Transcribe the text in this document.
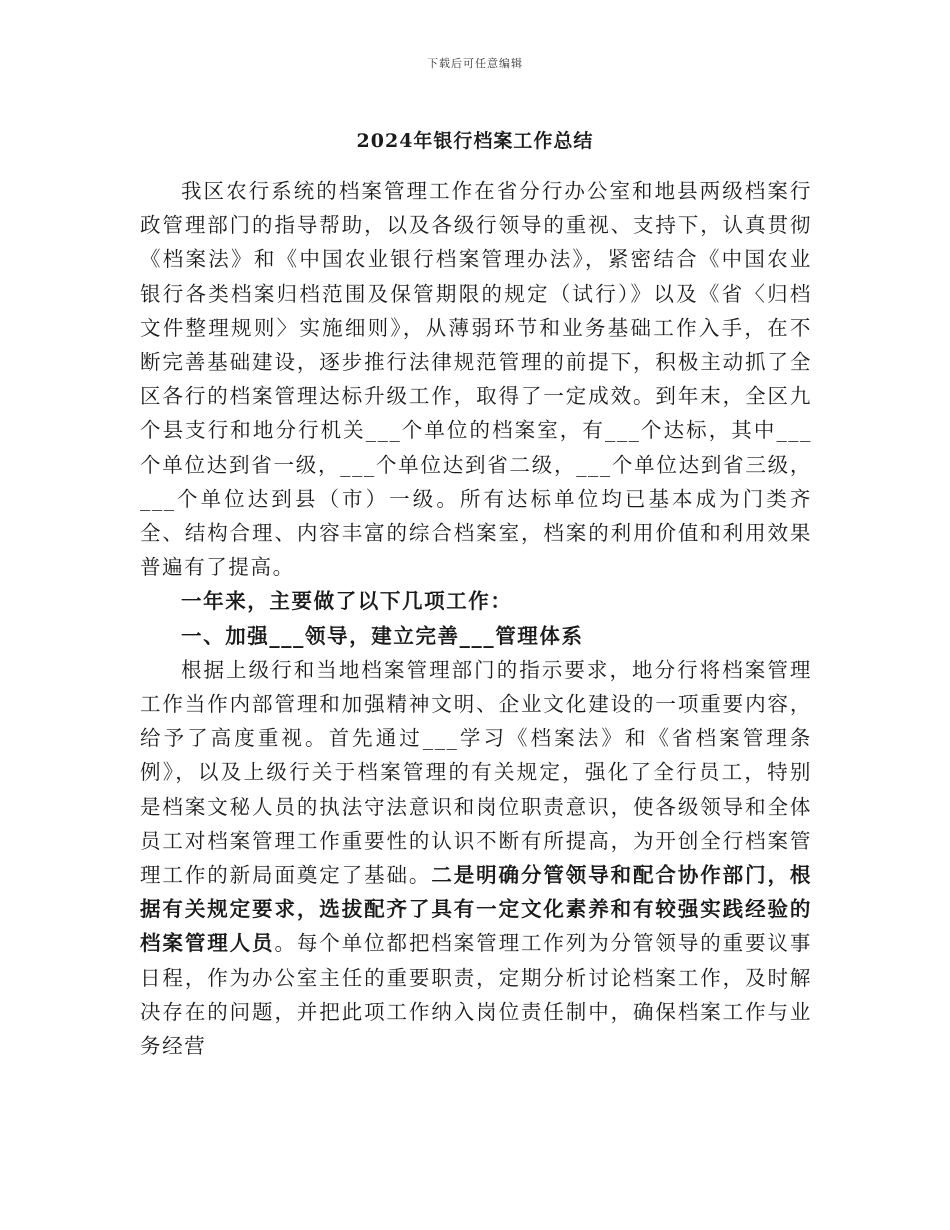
下载后可任意编辑
2024年银行档案工作总结

我区农行系统的档案管理工作在省分行办公室和地县两级档案行政管理部门的指导帮助，以及各级行领导的重视、支持下，认真贯彻《档案法》和《中国农业银行档案管理办法》，紧密结合《中国农业银行各类档案归档范围及保管期限的规定（试行）》以及《省〈归档文件整理规则〉实施细则》，从薄弱环节和业务基础工作入手，在不断完善基础建设，逐步推行法律规范管理的前提下，积极主动抓了全区各行的档案管理达标升级工作，取得了一定成效。到年末，全区九个县支行和地分行机关___个单位的档案室，有___个达标，其中___个单位达到省一级，___个单位达到省二级，___个单位达到省三级，___个单位达到县（市）一级。所有达标单位均已基本成为门类齐全、结构合理、内容丰富的综合档案室，档案的利用价值和利用效果普遍有了提高。

一年来，主要做了以下几项工作：

一、加强___领导，建立完善___管理体系

根据上级行和当地档案管理部门的指示要求，地分行将档案管理工作当作内部管理和加强精神文明、企业文化建设的一项重要内容，给予了高度重视。首先通过___学习《档案法》和《省档案管理条例》，以及上级行关于档案管理的有关规定，强化了全行员工，特别是档案文秘人员的执法守法意识和岗位职责意识，使各级领导和全体员工对档案管理工作重要性的认识不断有所提高，为开创全行档案管理工作的新局面奠定了基础。二是明确分管领导和配合协作部门，根据有关规定要求，选拔配齐了具有一定文化素养和有较强实践经验的档案管理人员。每个单位都把档案管理工作列为分管领导的重要议事日程，作为办公室主任的重要职责，定期分析讨论档案工作，及时解决存在的问题，并把此项工作纳入岗位责任制中，确保档案工作与业务经营
